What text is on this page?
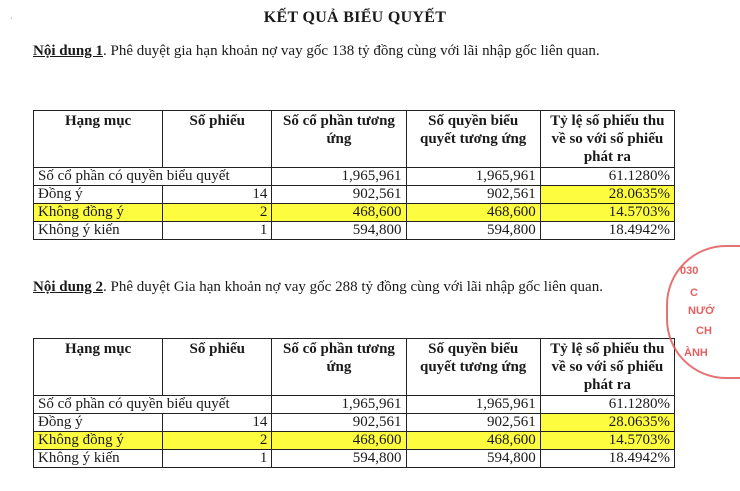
·	KẾT QUẢ BIỂU QUYẾT
Nội dung 1. Phê duyệt gia hạn khoản nợ vay gốc 138 tỷ đồng cùng với lãi nhập gốc liên quan.
Hạng mục	Số phiếu	Số cổ phần tương ứng	Số quyền biểu quyết tương ứng	Tỷ lệ số phiếu thu về so với số phiếu phát ra
Số cổ phần có quyền biểu quyết		1,965,961	1,965,961	61.1280%
Đồng ý	14	902,561	902,561	28.0635%
Không đồng ý	2	468,600	468,600	14.5703%
Không ý kiến	1	594,800	594,800	18.4942%
Nội dung 2. Phê duyệt Gia hạn khoản nợ vay gốc 288 tỷ đồng cùng với lãi nhập gốc liên quan.
Hạng mục	Số phiếu	Số cổ phần tương ứng	Số quyền biểu quyết tương ứng	Tỷ lệ số phiếu thu về so với số phiếu phát ra
Số cổ phần có quyền biểu quyết		1,965,961	1,965,961	61.1280%
Đồng ý	14	902,561	902,561	28.0635%
Không đồng ý	2	468,600	468,600	14.5703%
Không ý kiến	1	594,800	594,800	18.4942%
030
C
NƯỚ
CH
ÀNH
